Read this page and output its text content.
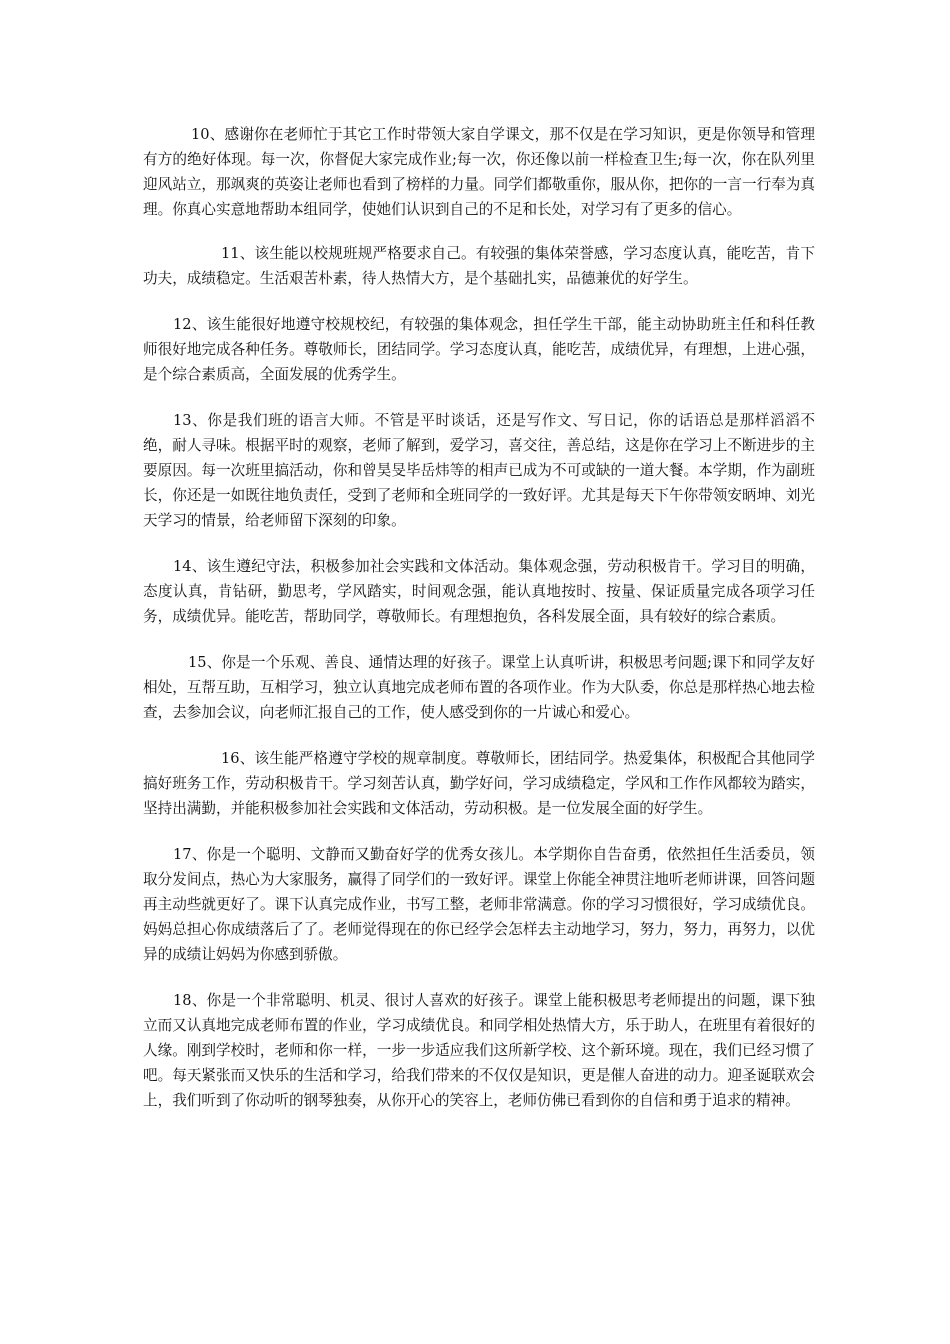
10、感谢你在老师忙于其它工作时带领大家自学课文，那不仅是在学习知识，更是你领导和管理有方的绝好体现。每一次，你督促大家完成作业;每一次，你还像以前一样检查卫生;每一次，你在队列里迎风站立，那飒爽的英姿让老师也看到了榜样的力量。同学们都敬重你，服从你，把你的一言一行奉为真理。你真心实意地帮助本组同学，使她们认识到自己的不足和长处，对学习有了更多的信心。

11、该生能以校规班规严格要求自己。有较强的集体荣誉感，学习态度认真，能吃苦，肯下功夫，成绩稳定。生活艰苦朴素，待人热情大方，是个基础扎实，品德兼优的好学生。

12、该生能很好地遵守校规校纪，有较强的集体观念，担任学生干部，能主动协助班主任和科任教师很好地完成各种任务。尊敬师长，团结同学。学习态度认真，能吃苦，成绩优异，有理想，上进心强，是个综合素质高，全面发展的优秀学生。

13、你是我们班的语言大师。不管是平时谈话，还是写作文、写日记，你的话语总是那样滔滔不绝，耐人寻味。根据平时的观察，老师了解到，爱学习，喜交往，善总结，这是你在学习上不断进步的主要原因。每一次班里搞活动，你和曾昊旻毕岳炜等的相声已成为不可或缺的一道大餐。本学期，作为副班长，你还是一如既往地负责任，受到了老师和全班同学的一致好评。尤其是每天下午你带领安昞坤、刘光天学习的情景，给老师留下深刻的印象。

14、该生遵纪守法，积极参加社会实践和文体活动。集体观念强，劳动积极肯干。学习目的明确，态度认真，肯钻研，勤思考，学风踏实，时间观念强，能认真地按时、按量、保证质量完成各项学习任务，成绩优异。能吃苦，帮助同学，尊敬师长。有理想抱负，各科发展全面，具有较好的综合素质。

15、你是一个乐观、善良、通情达理的好孩子。课堂上认真听讲，积极思考问题;课下和同学友好相处，互帮互助，互相学习，独立认真地完成老师布置的各项作业。作为大队委，你总是那样热心地去检查，去参加会议，向老师汇报自己的工作，使人感受到你的一片诚心和爱心。

16、该生能严格遵守学校的规章制度。尊敬师长，团结同学。热爱集体，积极配合其他同学搞好班务工作，劳动积极肯干。学习刻苦认真，勤学好问，学习成绩稳定，学风和工作作风都较为踏实，坚持出满勤，并能积极参加社会实践和文体活动，劳动积极。是一位发展全面的好学生。

17、你是一个聪明、文静而又勤奋好学的优秀女孩儿。本学期你自告奋勇，依然担任生活委员，领取分发间点，热心为大家服务，赢得了同学们的一致好评。课堂上你能全神贯注地听老师讲课，回答问题再主动些就更好了。课下认真完成作业，书写工整，老师非常满意。你的学习习惯很好，学习成绩优良。妈妈总担心你成绩落后了了。老师觉得现在的你已经学会怎样去主动地学习，努力，努力，再努力，以优异的成绩让妈妈为你感到骄傲。

18、你是一个非常聪明、机灵、很讨人喜欢的好孩子。课堂上能积极思考老师提出的问题，课下独立而又认真地完成老师布置的作业，学习成绩优良。和同学相处热情大方，乐于助人，在班里有着很好的人缘。刚到学校时，老师和你一样，一步一步适应我们这所新学校、这个新环境。现在，我们已经习惯了吧。每天紧张而又快乐的生活和学习，给我们带来的不仅仅是知识，更是催人奋进的动力。迎圣诞联欢会上，我们听到了你动听的钢琴独奏，从你开心的笑容上，老师仿佛已看到你的自信和勇于追求的精神。
